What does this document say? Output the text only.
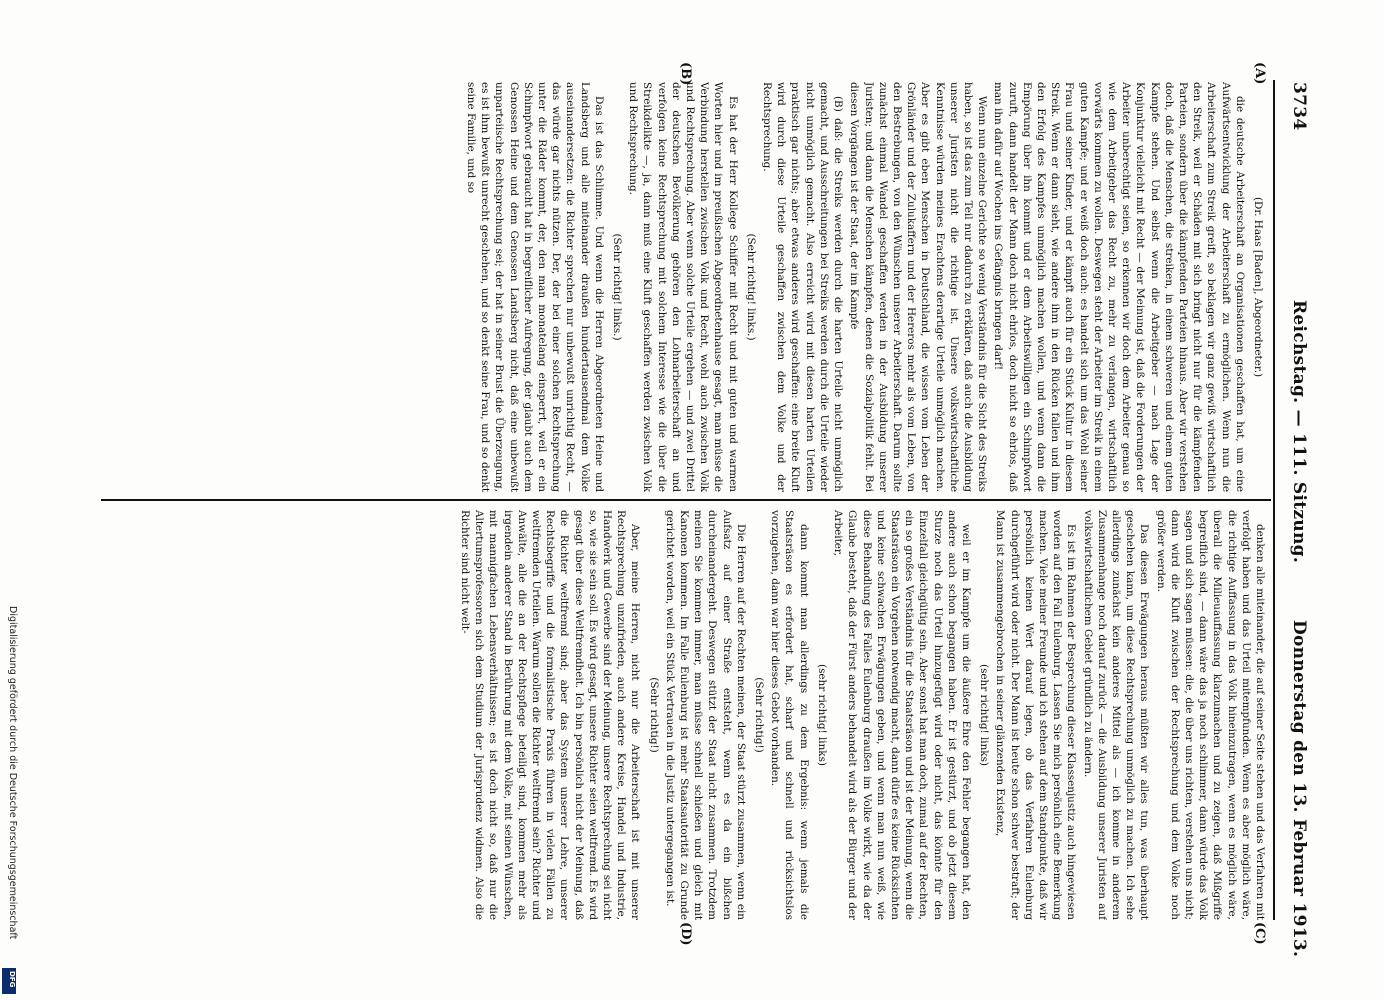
3734
Reichstag. — 111. Sitzung.
Donnerstag den 13. Februar 1913.
(A)
(B)
(C)
(D)

(Dr. Haas [Baden], Abgeordneter.)

die deutsche Arbeiterschaft an Organisationen geschaffen hat, um eine Aufwärtsentwicklung der Arbeiterschaft zu ermöglichen. Wenn nun die Arbeiterschaft zum Streik greift, so beklagen wir ganz gewiß wirtschaftlich den Streik, weil er Schäden mit sich bringt nicht nur für die kämpfenden Parteien, sondern über die kämpfenden Parteien hinaus. Aber wir verstehen doch, daß die Menschen, die streiken, in einem schweren und einem guten Kampfe stehen. Und selbst wenn die Arbeitgeber — nach Lage der Konjunktur vielleicht mit Recht — der Meinung ist, daß die Forderungen der Arbeiter unberechtigt seien, so erkennen wir doch dem Arbeiter genau so wie dem Arbeitgeber das Recht zu, mehr zu verlangen, wirtschaftlich vorwärts kommen zu wollen. Deswegen steht der Arbeiter im Streik in einem guten Kampfe; und er weiß doch auch: es handelt sich um das Wohl seiner Frau und seiner Kinder, und er kämpft auch für ein Stück Kultur in diesem Streik. Wenn er dann sieht, wie andere ihm in den Rücken fallen und ihm den Erfolg des Kampfes unmöglich machen wollen, und wenn dann die Empörung über ihn kommt und er dem Arbeitswilligen ein Schimpfwort zuruft, dann handelt der Mann doch nicht ehrlos, doch nicht so ehrlos, daß man ihn dafür auf Wochen ins Gefängnis bringen darf!

Wenn nun einzelne Gerichte so wenig Verständnis für die Sicht des Streiks haben, so ist das zum Teil nur dadurch zu erklären, daß auch die Ausbildung unserer Juristen nicht die richtige ist. Unsere volkswirtschaftliche Kenntnisse würden meines Erachtens derartige Urteile unmöglich machen. Aber es gibt eben Menschen in Deutschland, die wissen vom Leben der Grönländer und der Zulukaffern und der Hereros mehr als vom Leben, von den Bestrebungen, von den Wünschen unserer Arbeiterschaft. Darum sollte zunächst einmal Wandel geschaffen werden in der Ausbildung unserer Juristen; und dann die Menschen kämpfen, denen die Sozialpolitik fehlt. Bei diesen Vorgängen ist der Staat, der im Kampfe

(B) daß: die Streiks werden durch die harten Urteile nicht unmöglich gemacht, und Ausschreitungen bei Streiks werden durch die Urteile wieder nicht unmöglich gemacht. Also erreicht wird mit diesen harten Urteilen praktisch gar nichts; aber etwas anderes wird geschaffen: eine breite Kluft wird durch diese Urteile geschaffen zwischen dem Volke und der Rechtsprechung.

(Sehr richtig! links.)

Es hat der Herr Kollege Schiffer mit Recht und mit guten und warmen Worten hier und im preußischen Abgeordnetenhause gesagt, man müsse die Verbindung herstellen zwischen Volk und Recht, wohl auch zwischen Volk und Rechtsprechung. Aber wenn solche Urteile ergehen — und zwei Drittel der deutschen Bevölkerung gehören den Lohnarbeiterschaft an und verfolgen keine Rechtsprechung mit solchem Interesse wie die über die Streikdelikte —, ja, dann muß eine Kluft geschaffen werden zwischen Volk und Rechtsprechung.

(Sehr richtig! links.)

Das ist das Schlimme. Und wenn die Herren Abgeordneten Heine und Landsberg und alle miteinander draußen hundertausendmal dem Volke auseinandersetzen: die Richter sprechen nur unbewußt unrichtig Recht, — das würde gar nichts nützen. Der, der bei einer solchen Rechtsprechung unter die Räder kommt, der, den man monatelang einsperrt, weil er ein Schimpfwort gebraucht hat in begreiflicher Aufregung, der glaubt auch dem Genossen Heine und dem Genossen Landsberg nicht, daß eine unbewußt unparteiische Rechtsprechung sei; der hat in seiner Brust die Überzeugung, es ist ihm bewußt unrecht geschehen, und so denkt seine Frau, und so denkt seine Familie, und so

denken alle miteinander, die auf seiner Seite stehen und das Verfahren mit verfolgt haben und das Urteil mitempfunden. Wenn es aber möglich wäre, die richtige Auffassung in das Volk hineinzutragen, wenn es möglich wäre, überall die Milieuauffassung klarzumachen und zu zeigen, daß Mißgriffe begreiflich sind, — dann wäre das ja noch schlimmer, dann würde das Volk sagen und sich sagen müssen: die, die über uns richten, verstehen uns nicht; dann wird die Kluft zwischen der Rechtsprechung und dem Volke noch größer werden.

Das diesen Erwägungen heraus müßten wir alles tun, was überhaupt geschehen kann, um diese Rechtsprechung unmöglich zu machen. Ich sehe allerdings zunächst kein anderes Mittel als — ich komme in anderem Zusammenhange noch darauf zurück — die Ausbildung unserer Juristen auf volkswirtschaftlichem Gebiet gründlich zu ändern.

Es ist im Rahmen der Besprechung dieser Klassenjustiz auch hingewiesen worden auf den Fall Eulenburg. Lassen Sie mich persönlich eine Bemerkung machen. Viele meiner Freunde und ich stehen auf dem Standpunkte, daß wir persönlich keinen Wert darauf legen, ob das Verfahren Eulenburg durchgeführt wird oder nicht. Der Mann ist heute schon schwer bestraft; der Mann ist zusammengebrochen in seiner glänzenden Existenz,

(sehr richtig! links)

weil er im Kampfe um die äußere Ehre den Fehler begangen hat, den andere auch schon begangen haben. Er ist gestürzt, und ob jetzt diesem Sturze noch das Urteil hinzugefügt wird oder nicht, das könnte für den Einzelfall gleichgültig sein. Aber sonst hat man doch, zumal auf der Rechten, ein so großes Verständnis für die Staatsräson und ist der Meinung, wenn die Staatsräson ein Vorgehen notwendig macht, dann dürfe es keine Rücksichten und keine schwachen Erwägungen geben, und wenn man nun weiß, wie diese Behandlung des Falles Eulenburg draußen im Volke wirkt, wie da der Glaube besteht, daß der Fürst anders behandelt wird als der Bürger und der Arbeiter,

(sehr richtig! links)

dann kommt man allerdings zu dem Ergebnis: wenn jemals die Staatsräson es erfordert hat, scharf und schnell und rücksichtslos vorzugehen, dann war hier dieses Gebot vorhanden.

(Sehr richtig!)

Die Herren auf der Rechten meinen, der Staat stürzt zusammen, wenn ein Aufsatz auf einer Straße entsteht, wenn es da ein bißchen durcheinandergeht. Deswegen stützt der Staat nicht zusammen. Trotzdem meinen Sie kommen immer, man müsse schnell schießen und gleich mit Kanonen kommen. Im Falle Eulenburg ist mehr Staatsautorität zu Grunde gerichtet worden, weil ein Stück Vertrauen in die Justiz untergegangen ist.

(Sehr richtig!)

Aber, meine Herren, nicht nur die Arbeiterschaft ist mit unserer Rechtsprechung unzufrieden, auch andere Kreise, Handel und Industrie, Handwerk und Gewerbe sind der Meinung, unsere Rechtsprechung sei nicht so, wie sie sein soll. Es wird gesagt, unsere Richter seien weltfremd. Es wird gesagt über diese Weltfremdheit. Ich bin persönlich nicht der Meinung, daß die Richter weltfremd sind; aber das System unserer Lehre, unserer Rechtsbegriffe und die formalistische Praxis führen in vielen Fällen zu weltfremden Urteilen. Warum sollen die Richter weltfremd sein? Richter und Anwälte, alle die an der Rechtspflege beteiligt sind, kommen mehr als irgendein anderer Stand in Berührung mit dem Volke, mit seinen Wünschen, mit mannigfachen Lebensverhältnissen; es ist doch nicht so, daß nur die Altertumsprofessoren sich dem Studium der Jurisprudenz widmen. Also die Richter sind nicht welt-

Digitalisierung gefördert durch die Deutsche Forschungsgemeinschaft
DFG
